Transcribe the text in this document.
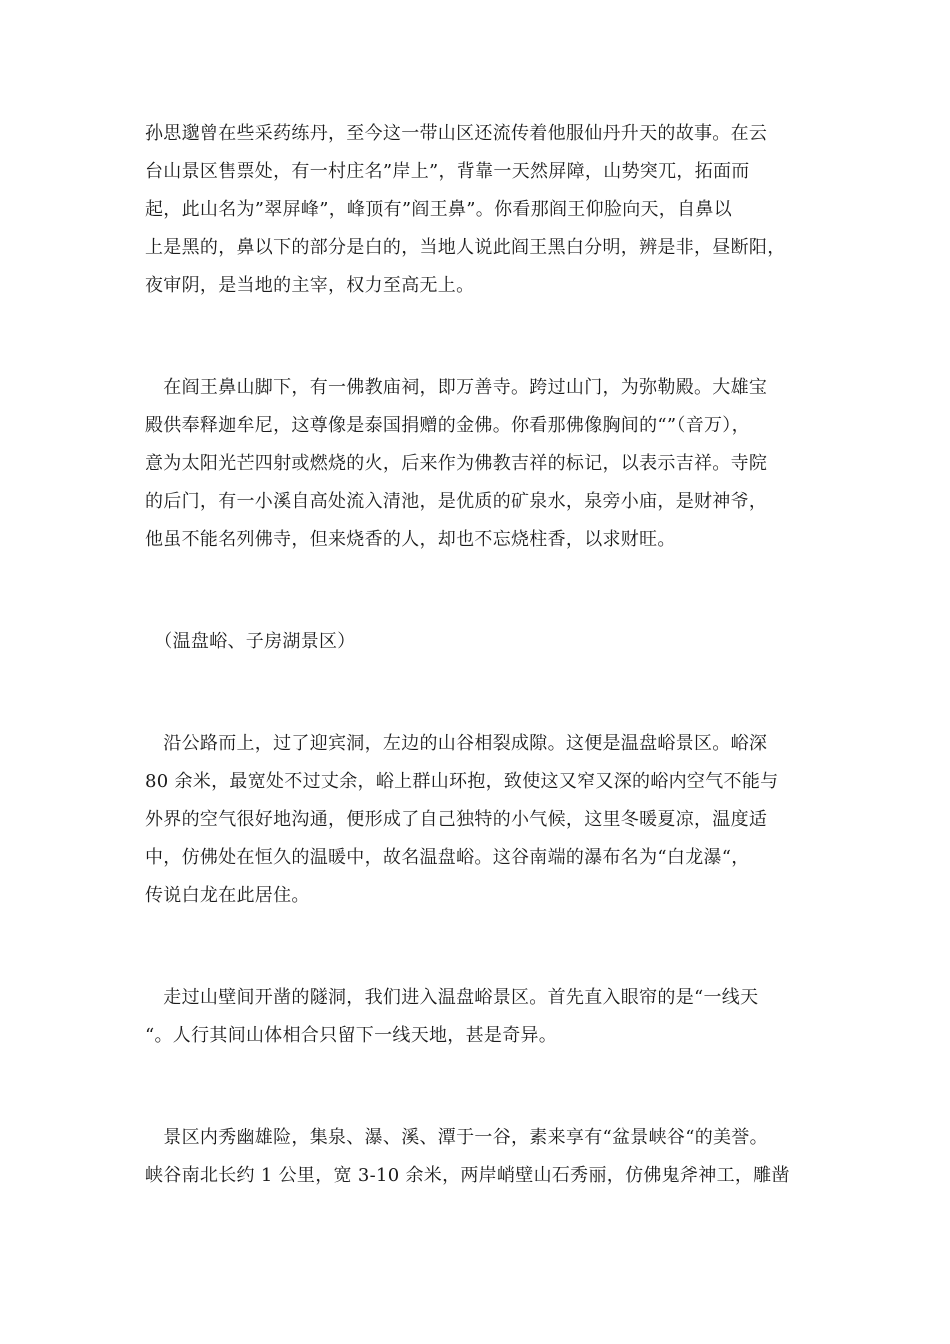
孙思邈曾在些采药练丹，至今这一带山区还流传着他服仙丹升天的故事。在云
台山景区售票处，有一村庄名”岸上”，背靠一天然屏障，山势突兀，拓面而
起，此山名为”翠屏峰”，峰顶有”阎王鼻”。你看那阎王仰脸向天，自鼻以
上是黑的，鼻以下的部分是白的，当地人说此阎王黑白分明，辨是非，昼断阳，
夜审阴，是当地的主宰，权力至高无上。
　在阎王鼻山脚下，有一佛教庙祠，即万善寺。跨过山门，为弥勒殿。大雄宝
殿供奉释迦牟尼，这尊像是泰国捐赠的金佛。你看那佛像胸间的“”（音万），
意为太阳光芒四射或燃烧的火，后来作为佛教吉祥的标记，以表示吉祥。寺院
的后门，有一小溪自高处流入清池，是优质的矿泉水，泉旁小庙，是财神爷，
他虽不能名列佛寺，但来烧香的人，却也不忘烧柱香，以求财旺。
　（温盘峪、子房湖景区）
　沿公路而上，过了迎宾洞，左边的山谷相裂成隙。这便是温盘峪景区。峪深
80 余米，最宽处不过丈余，峪上群山环抱，致使这又窄又深的峪内空气不能与
外界的空气很好地沟通，便形成了自己独特的小气候，这里冬暖夏凉，温度适
中，仿佛处在恒久的温暖中，故名温盘峪。这谷南端的瀑布名为“白龙瀑“，
传说白龙在此居住。
　走过山壁间开凿的隧洞，我们进入温盘峪景区。首先直入眼帘的是“一线天
“。人行其间山体相合只留下一线天地，甚是奇异。
　景区内秀幽雄险，集泉、瀑、溪、潭于一谷，素来享有“盆景峡谷“的美誉。
峡谷南北长约 1 公里，宽 3-10 余米，两岸峭壁山石秀丽，仿佛鬼斧神工，雕凿
